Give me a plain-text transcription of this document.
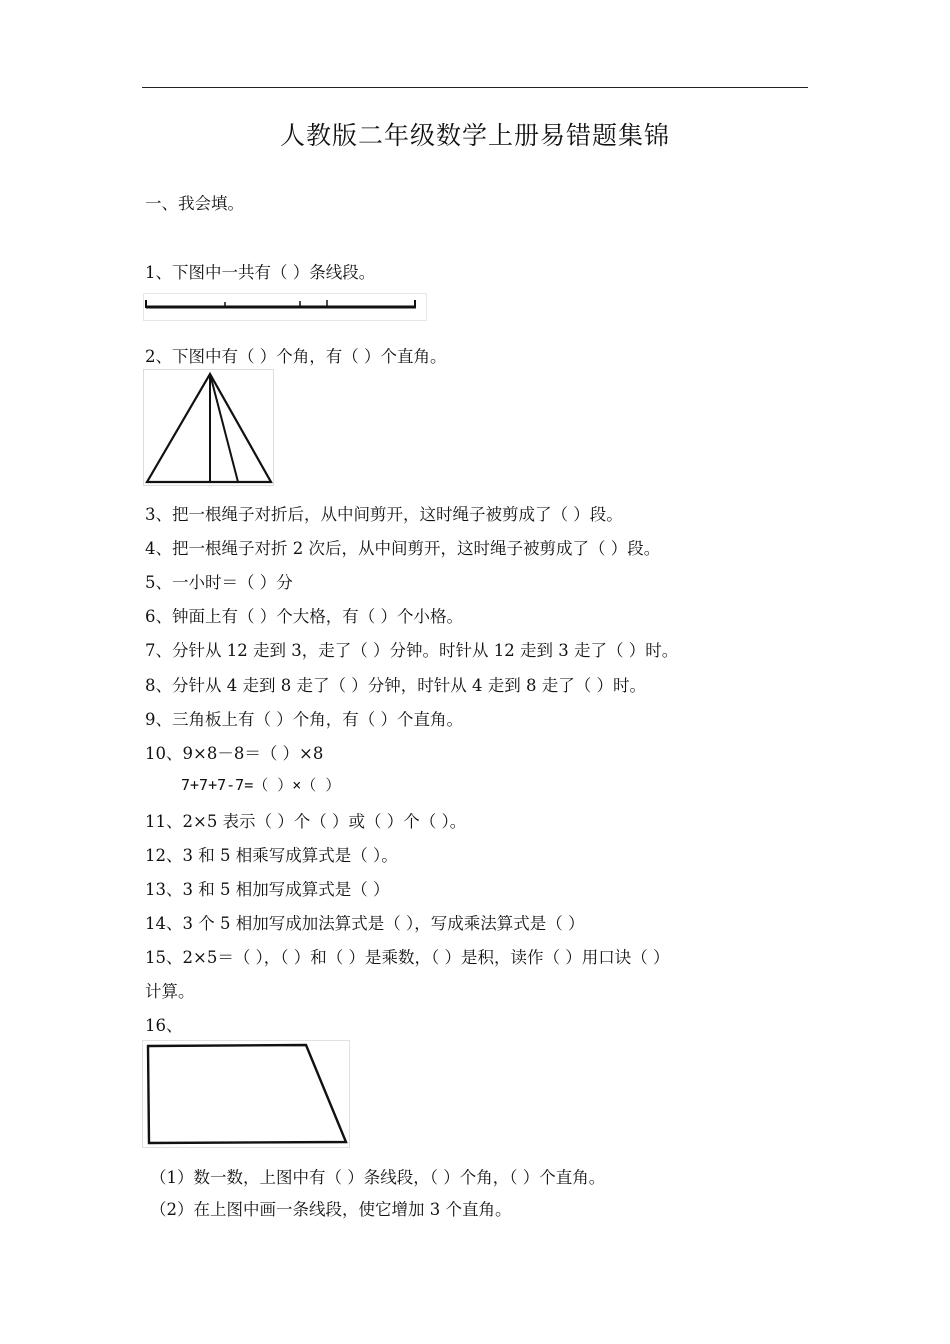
人教版二年级数学上册易错题集锦
一、我会填。
1、下图中一共有（ ）条线段。
2、下图中有（ ）个角，有（ ）个直角。
3、把一根绳子对折后，从中间剪开，这时绳子被剪成了（ ）段。
4、把一根绳子对折 2 次后，从中间剪开，这时绳子被剪成了（ ）段。
5、一小时＝（ ）分
6、钟面上有（ ）个大格，有（ ）个小格。
7、分针从 12 走到 3，走了（ ）分钟。时针从 12 走到 3 走了（ ）时。
8、分针从 4 走到 8 走了（ ）分钟，时针从 4 走到 8 走了（ ）时。
9、三角板上有（ ）个角，有（ ）个直角。
10、9×8－8＝（ ）×8
7+7+7-7=（ ）×（ ）
11、2×5 表示（ ）个（ ）或（ ）个（ ）。
12、3 和 5 相乘写成算式是（ ）。
13、3 和 5 相加写成算式是（ ）
14、3 个 5 相加写成加法算式是（ ），写成乘法算式是（ ）
15、2×5＝（ ），（ ）和（ ）是乘数，（ ）是积，读作（ ）用口诀（ ）
计算。
16、
（1）数一数，上图中有（ ）条线段，（ ）个角，（ ）个直角。
（2）在上图中画一条线段，使它增加 3 个直角。
